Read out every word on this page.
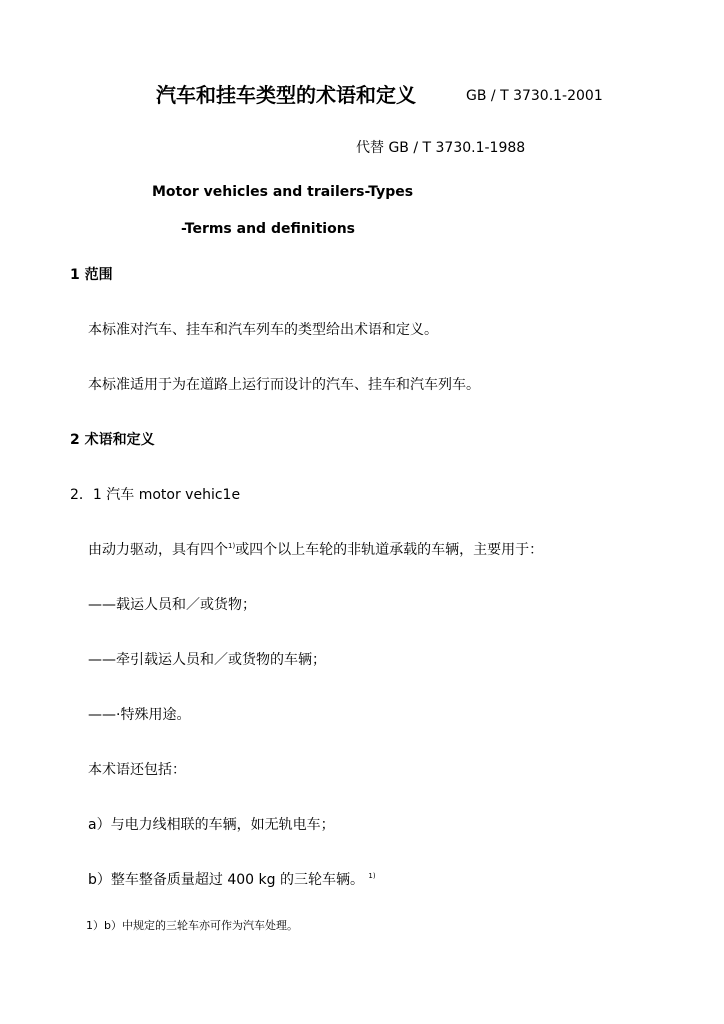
汽车和挂车类型的术语和定义	GB / T 3730.1-2001
代替 GB / T 3730.1-1988
Motor vehicles and trailers-Types
-Terms and definitions
1 范围
本标准对汽车、挂车和汽车列车的类型给出术语和定义。
本标准适用于为在道路上运行而设计的汽车、挂车和汽车列车。
2 术语和定义
2．1 汽车 motor vehic1e
由动力驱动，具有四个$^{1)}$或四个以上车轮的非轨道承载的车辆，主要用于：
——载运人员和／或货物；
——牵引载运人员和／或货物的车辆；
——·特殊用途。
本术语还包括：
a）与电力线相联的车辆，如无轨电车；
b）整车整备质量超过 400 kg 的三轮车辆。 $^{1)}$
1）b）中规定的三轮车亦可作为汽车处理。
